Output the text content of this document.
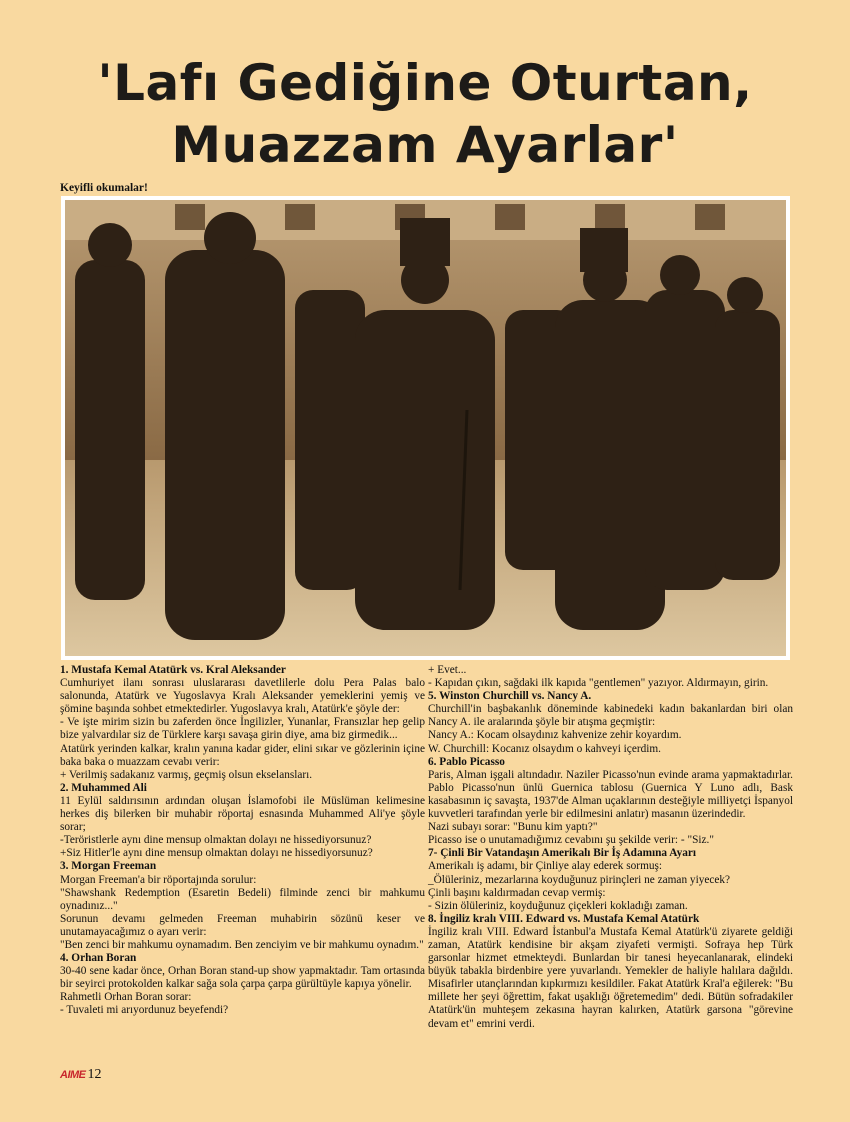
'Lafı Gediğine Oturtan,
Muazzam Ayarlar'
Keyifli okumalar!

1. Mustafa Kemal Atatürk vs. Kral Aleksander

Cumhuriyet ilanı sonrası uluslararası davetlilerle dolu Pera Palas balo salonunda, Atatürk ve Yugoslavya Kralı Aleksander yemeklerini yemiş ve şömine başında sohbet etmektedirler. Yugoslavya kralı, Atatürk'e şöyle der:

- Ve işte mirim sizin bu zaferden önce İngilizler, Yunanlar, Fransızlar hep gelip bize yalvardılar siz de Türklere karşı savaşa girin diye, ama biz girmedik...

Atatürk yerinden kalkar, kralın yanına kadar gider, elini sıkar ve gözlerinin içine baka baka o muazzam cevabı verir:

+ Verilmiş sadakanız varmış, geçmiş olsun ekselansları.

2. Muhammed Ali

11 Eylül saldırısının ardından oluşan İslamofobi ile Müslüman kelimesine herkes diş bilerken bir muhabir röportaj esnasında Muhammed Ali'ye şöyle sorar;

-Teröristlerle aynı dine mensup olmaktan dolayı ne hissediyorsunuz?

+Siz Hitler'le aynı dine mensup olmaktan dolayı ne hissediyorsunuz?

3. Morgan Freeman

Morgan Freeman'a bir röportajında sorulur:

"Shawshank Redemption (Esaretin Bedeli) filminde zenci bir mahkumu oynadınız..."

Sorunun devamı gelmeden Freeman muhabirin sözünü keser ve unutamayacağımız o ayarı verir:

"Ben zenci bir mahkumu oynamadım. Ben zenciyim ve bir mahkumu oynadım."

4. Orhan Boran

30-40 sene kadar önce, Orhan Boran stand-up show yapmaktadır. Tam ortasında bir seyirci protokolden kalkar sağa sola çarpa çarpa gürültüyle kapıya yönelir.

Rahmetli Orhan Boran sorar:

- Tuvaleti mi arıyordunuz beyefendi?

+ Evet...

- Kapıdan çıkın, sağdaki ilk kapıda "gentlemen" yazıyor. Aldırmayın, girin.

5. Winston Churchill vs. Nancy A.

Churchill'in başbakanlık döneminde kabinedeki kadın bakanlardan biri olan Nancy A. ile aralarında şöyle bir atışma geçmiştir:

Nancy A.: Kocam olsaydınız kahvenize zehir koyardım.

W. Churchill: Kocanız olsaydım o kahveyi içerdim.

6. Pablo Picasso

Paris, Alman işgali altındadır. Naziler Picasso'nun evinde arama yapmaktadırlar. Pablo Picasso'nun ünlü Guernica tablosu (Guernica Y Luno adlı, Bask kasabasının iç savaşta, 1937'de Alman uçaklarının desteğiyle milliyetçi İspanyol kuvvetleri tarafından yerle bir edilmesini anlatır) masanın üzerindedir.

Nazi subayı sorar: "Bunu kim yaptı?"

Picasso ise o unutamadığımız cevabını şu şekilde verir: - "Siz."

7- Çinli Bir Vatandaşın Amerikalı Bir İş Adamına Ayarı

Amerikalı iş adamı, bir Çinliye alay ederek sormuş:

_Ölüleriniz, mezarlarına koyduğunuz pirinçleri ne zaman yiyecek?

Çinli başını kaldırmadan cevap vermiş:

- Sizin ölüleriniz, koyduğunuz çiçekleri kokladığı zaman.

8. İngiliz kralı VIII. Edward vs. Mustafa Kemal Atatürk

İngiliz kralı VIII. Edward İstanbul'a Mustafa Kemal Atatürk'ü ziyarete geldiği zaman, Atatürk kendisine bir akşam ziyafeti vermişti. Sofraya hep Türk garsonlar hizmet etmekteydi. Bunlardan bir tanesi heyecanlanarak, elindeki büyük tabakla birdenbire yere yuvarlandı. Yemekler de haliyle halılara dağıldı. Misafirler utançlarından kıpkırmızı kesildiler. Fakat Atatürk Kral'a eğilerek: "Bu millete her şeyi öğrettim, fakat uşaklığı öğretemedim" dedi. Bütün sofradakiler Atatürk'ün muhteşem zekasına hayran kalırken, Atatürk garsona "görevine devam et" emrini verdi.

AIME 12
